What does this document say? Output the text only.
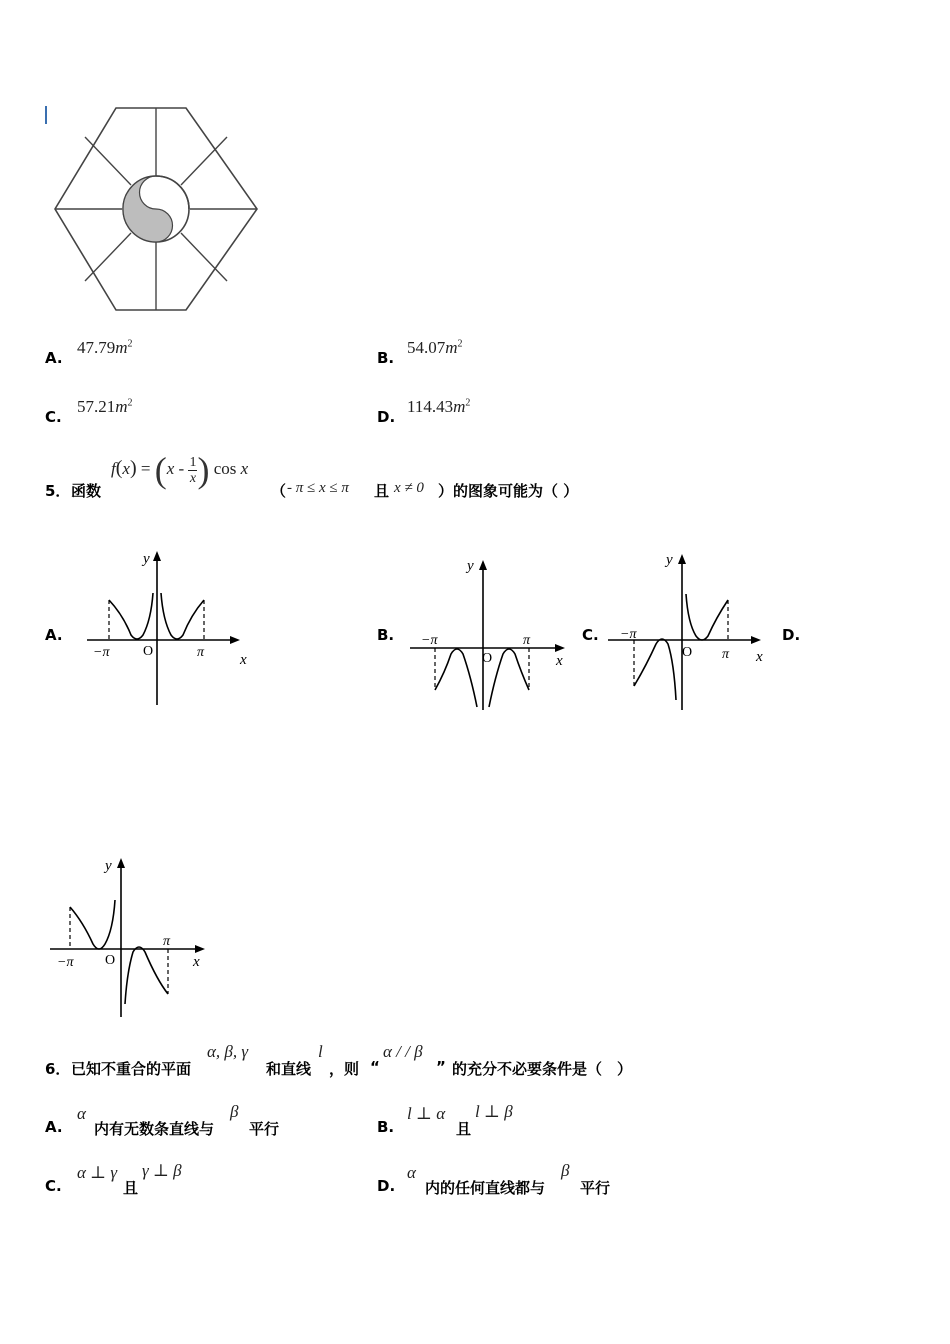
A.
$47.79m^2$
B.
$54.07m^2$
C.
$57.21m^2$
D.
$114.43m^2$
5． 函数
$f(x) = (x - \frac{1}{x}$ ) cos x
（ - π ≤ x ≤ π 且 x ≠ 0 ）的图象可能为（ ）
A.	B.	C.	D.
y
x
O
−π	π
y
x
O
−π	π
y
x
O
−π
π
y
x
O
−π
π
6． 已知不重合的平面
α, β, γ
和直线
l
，则 “
α / / β
” 的充分不必要条件是（　）
A.
α
内有无数条直线与
β
平行	B.
l ⊥ α
且
l ⊥ β
C.
α ⊥ γ
且
γ ⊥ β
D.
α
内的任何直线都与
β
平行
